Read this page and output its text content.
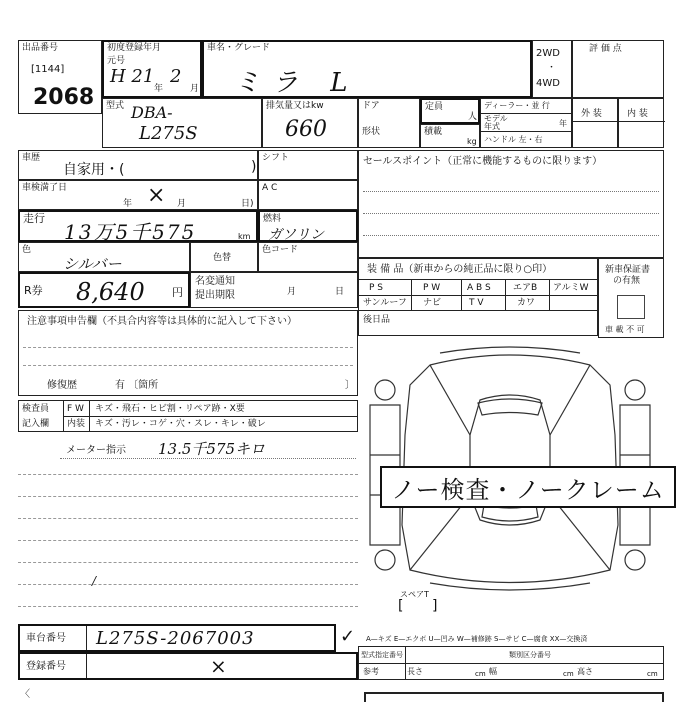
出品番号
[1144]
2068
初度登録年月
元号
H 21
年
2
月
車名・グレード
ミラ L
2WD
・
4WD
評 価 点
型式 DBA-
L275S
排気量又はkw
660
ドア
形状
定員
人
積載
kg
ディーラー・並 行
モデル年式	年
ハンドル 左・右
外 装	内 装
車歴
自家用・(	)
シフト
車検満了日
年 × 月	日)
A C
走行
13万5千575	km
燃料
ガソリン
色
シルバー	色替
色コード
R券 8,640 円
名変通知
提出期限	月	日
セールスポイント（正常に機能するものに限ります）
装 備 品（新車からの純正品に限り○印）
P S	P W	A B S エアB アルミW
サンルーフ ナビ	T V	カワ
後日品
新車保証書
の有無
車 載 不 可
注意事項申告欄（不具合内容等は具体的に記入して下さい）
修復歴	有 〔箇所	〕
検査員
記入欄
F W キズ・飛石・ヒビ割・リペア跡・X要
内装 キズ・汚レ・コゲ・穴・スレ・キレ・破レ
メーター指示 13.5千575キロ
/
ノー検査・ノークレーム
スペアT
[ ]
車台番号 L275S-2067003	✓
登録番号	×
A—キズ E—エクボ U—凹み W—補修跡 S—サビ C—腐食 XX—交換済
型式指定番号	類別区分番号
参考	長さ	cm 幅	cm 高さ	cm
〈
